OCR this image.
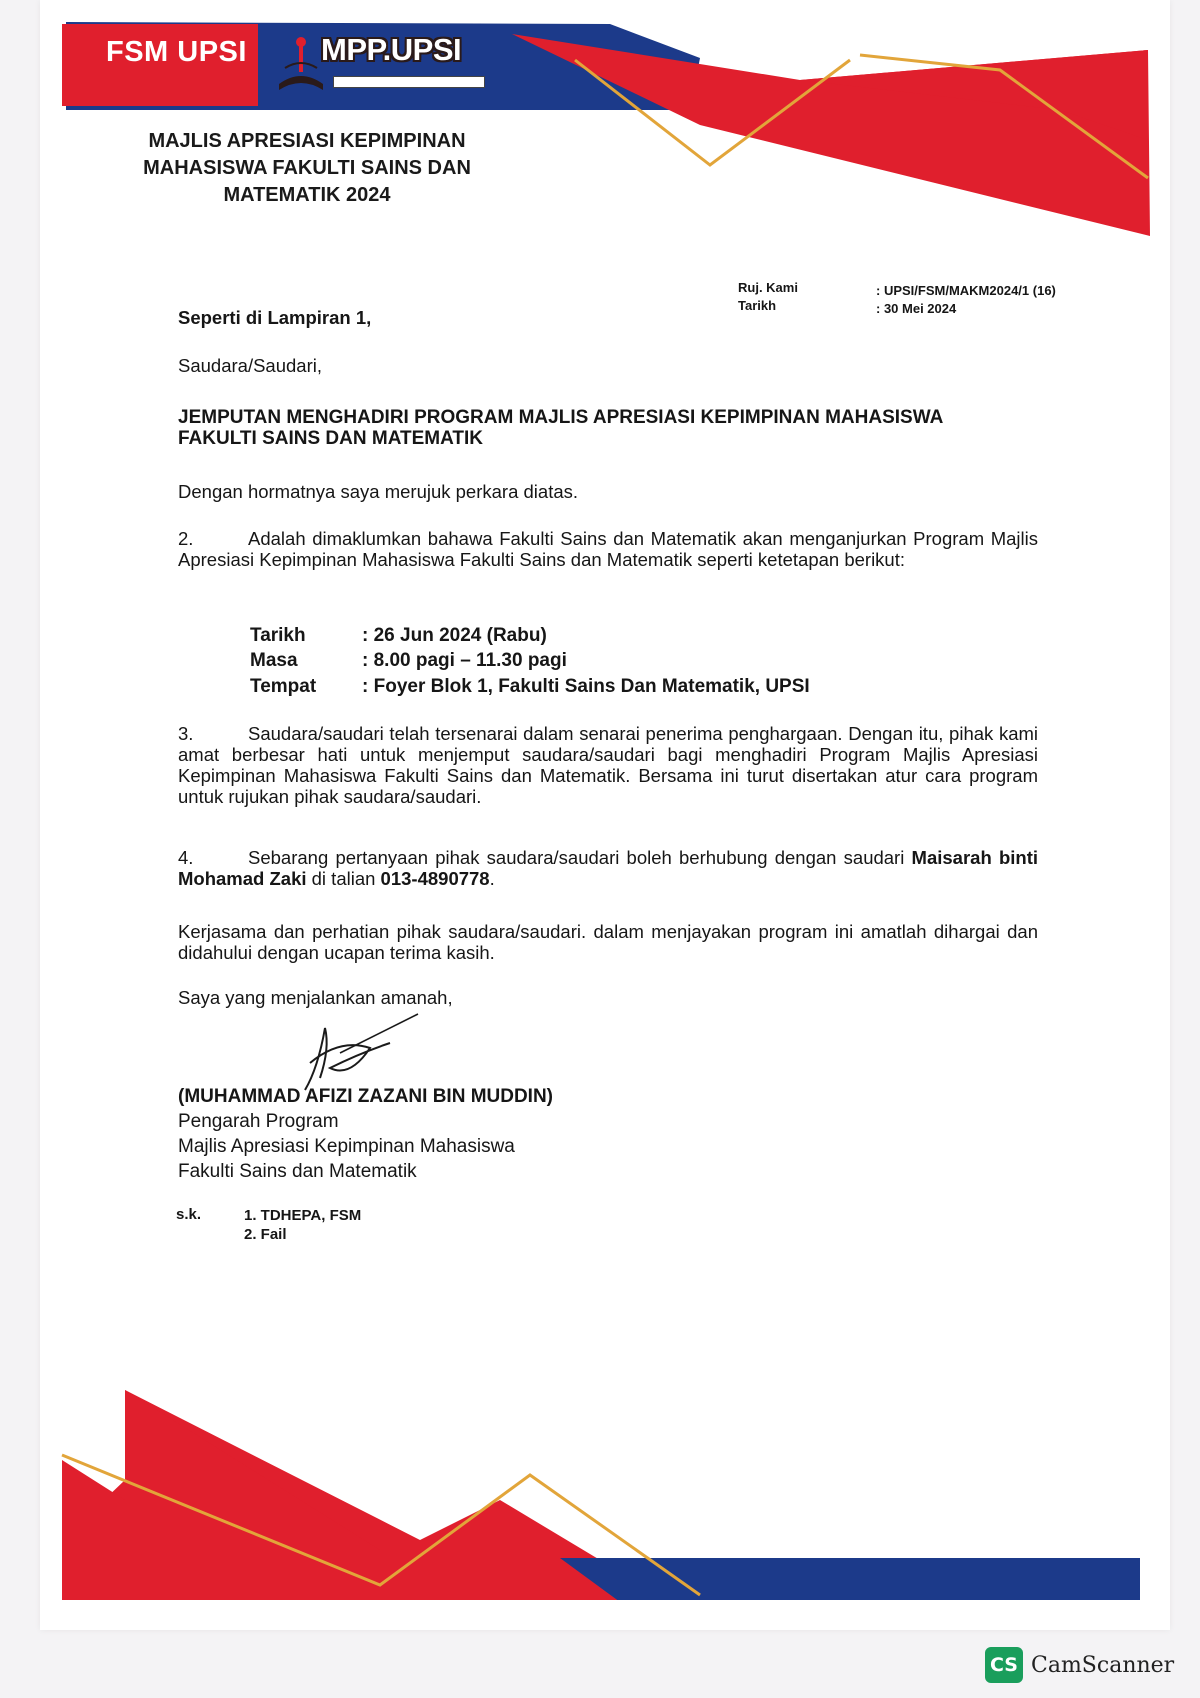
FSM UPSI MPP.UPSI
MAJLIS APRESIASI KEPIMPINAN
MAHASISWA FAKULTI SAINS DAN
MATEMATIK 2024
Ruj. Kami	: UPSI/FSM/MAKM2024/1 (16)
Tarikh	: 30 Mei 2024
Seperti di Lampiran 1,
Saudara/Saudari,
JEMPUTAN MENGHADIRI PROGRAM MAJLIS APRESIASI KEPIMPINAN MAHASISWA
FAKULTI SAINS DAN MATEMATIK
Dengan hormatnya saya merujuk perkara diatas.
2.	Adalah dimaklumkan bahawa Fakulti Sains dan Matematik akan menganjurkan Program Majlis Apresiasi Kepimpinan Mahasiswa Fakulti Sains dan Matematik seperti ketetapan berikut:
Tarikh	: 26 Jun 2024 (Rabu)
Masa	: 8.00 pagi – 11.30 pagi
Tempat : Foyer Blok 1, Fakulti Sains Dan Matematik, UPSI
3.	Saudara/saudari telah tersenarai dalam senarai penerima penghargaan. Dengan itu, pihak kami amat berbesar hati untuk menjemput saudara/saudari bagi menghadiri Program Majlis Apresiasi Kepimpinan Mahasiswa Fakulti Sains dan Matematik. Bersama ini turut disertakan atur cara program untuk rujukan pihak saudara/saudari.
4.	Sebarang pertanyaan pihak saudara/saudari boleh berhubung dengan saudari Maisarah binti Mohamad Zaki di talian 013-4890778.
Kerjasama dan perhatian pihak saudara/saudari. dalam menjayakan program ini amatlah dihargai dan didahului dengan ucapan terima kasih.
Saya yang menjalankan amanah,
(MUHAMMAD AFIZI ZAZANI BIN MUDDIN)
Pengarah Program
Majlis Apresiasi Kepimpinan Mahasiswa
Fakulti Sains dan Matematik
s.k.	1. TDHEPA, FSM
2. Fail
CS CamScanner
